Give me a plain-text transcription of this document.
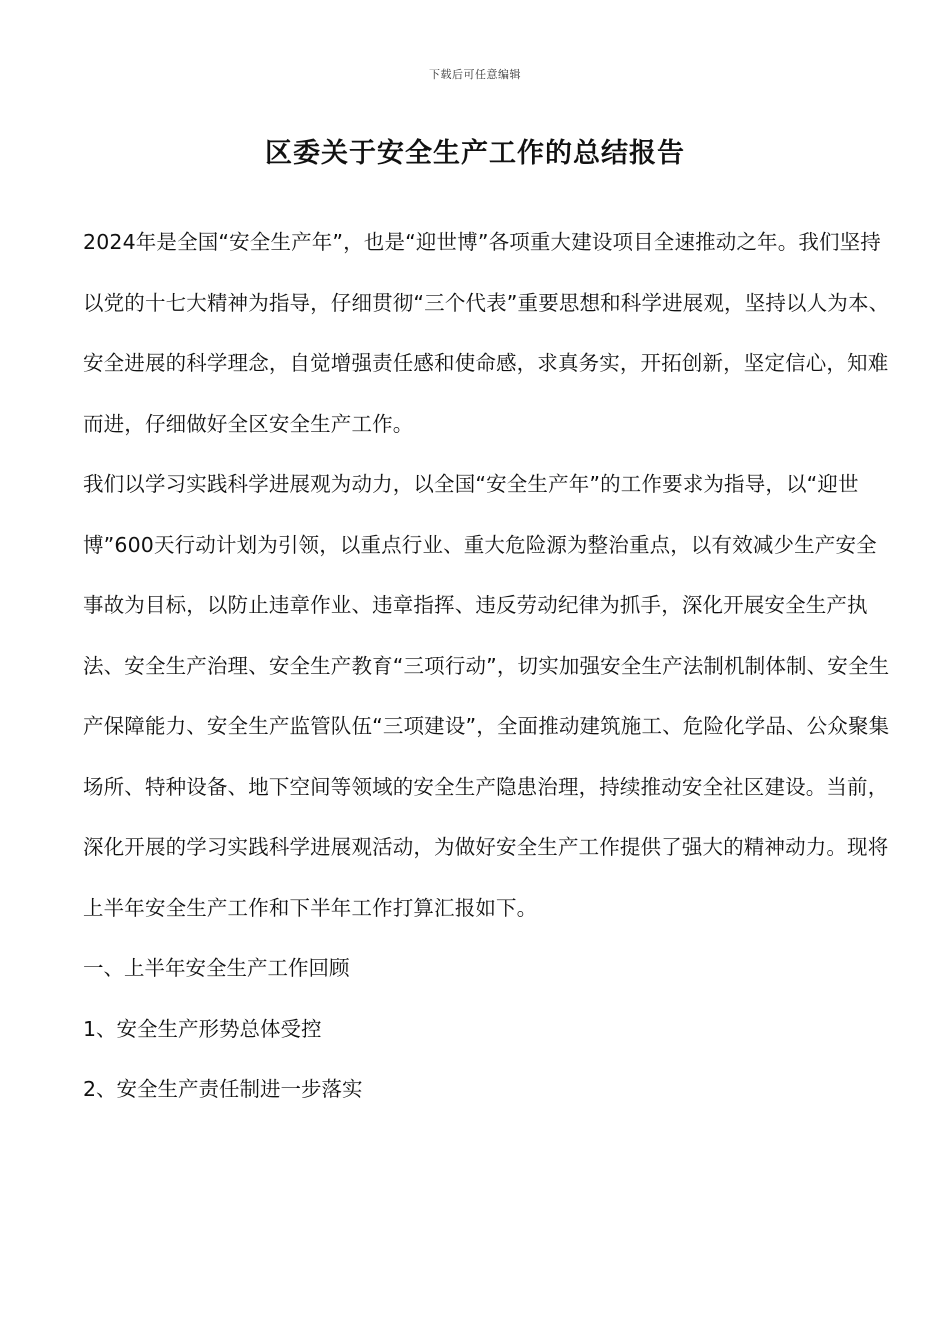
下载后可任意编辑
区委关于安全生产工作的总结报告

2024年是全国“安全生产年”，也是“迎世博”各项重大建设项目全速推动之年。我们坚持以党的十七大精神为指导，仔细贯彻“三个代表”重要思想和科学进展观，坚持以人为本、安全进展的科学理念，自觉增强责任感和使命感，求真务实，开拓创新，坚定信心，知难而进，仔细做好全区安全生产工作。

我们以学习实践科学进展观为动力，以全国“安全生产年”的工作要求为指导，以“迎世博”600天行动计划为引领，以重点行业、重大危险源为整治重点，以有效减少生产安全事故为目标，以防止违章作业、违章指挥、违反劳动纪律为抓手，深化开展安全生产执法、安全生产治理、安全生产教育“三项行动”，切实加强安全生产法制机制体制、安全生产保障能力、安全生产监管队伍“三项建设”，全面推动建筑施工、危险化学品、公众聚集场所、特种设备、地下空间等领域的安全生产隐患治理，持续推动安全社区建设。当前，深化开展的学习实践科学进展观活动，为做好安全生产工作提供了强大的精神动力。现将上半年安全生产工作和下半年工作打算汇报如下。

一、上半年安全生产工作回顾

1、安全生产形势总体受控

2、安全生产责任制进一步落实
